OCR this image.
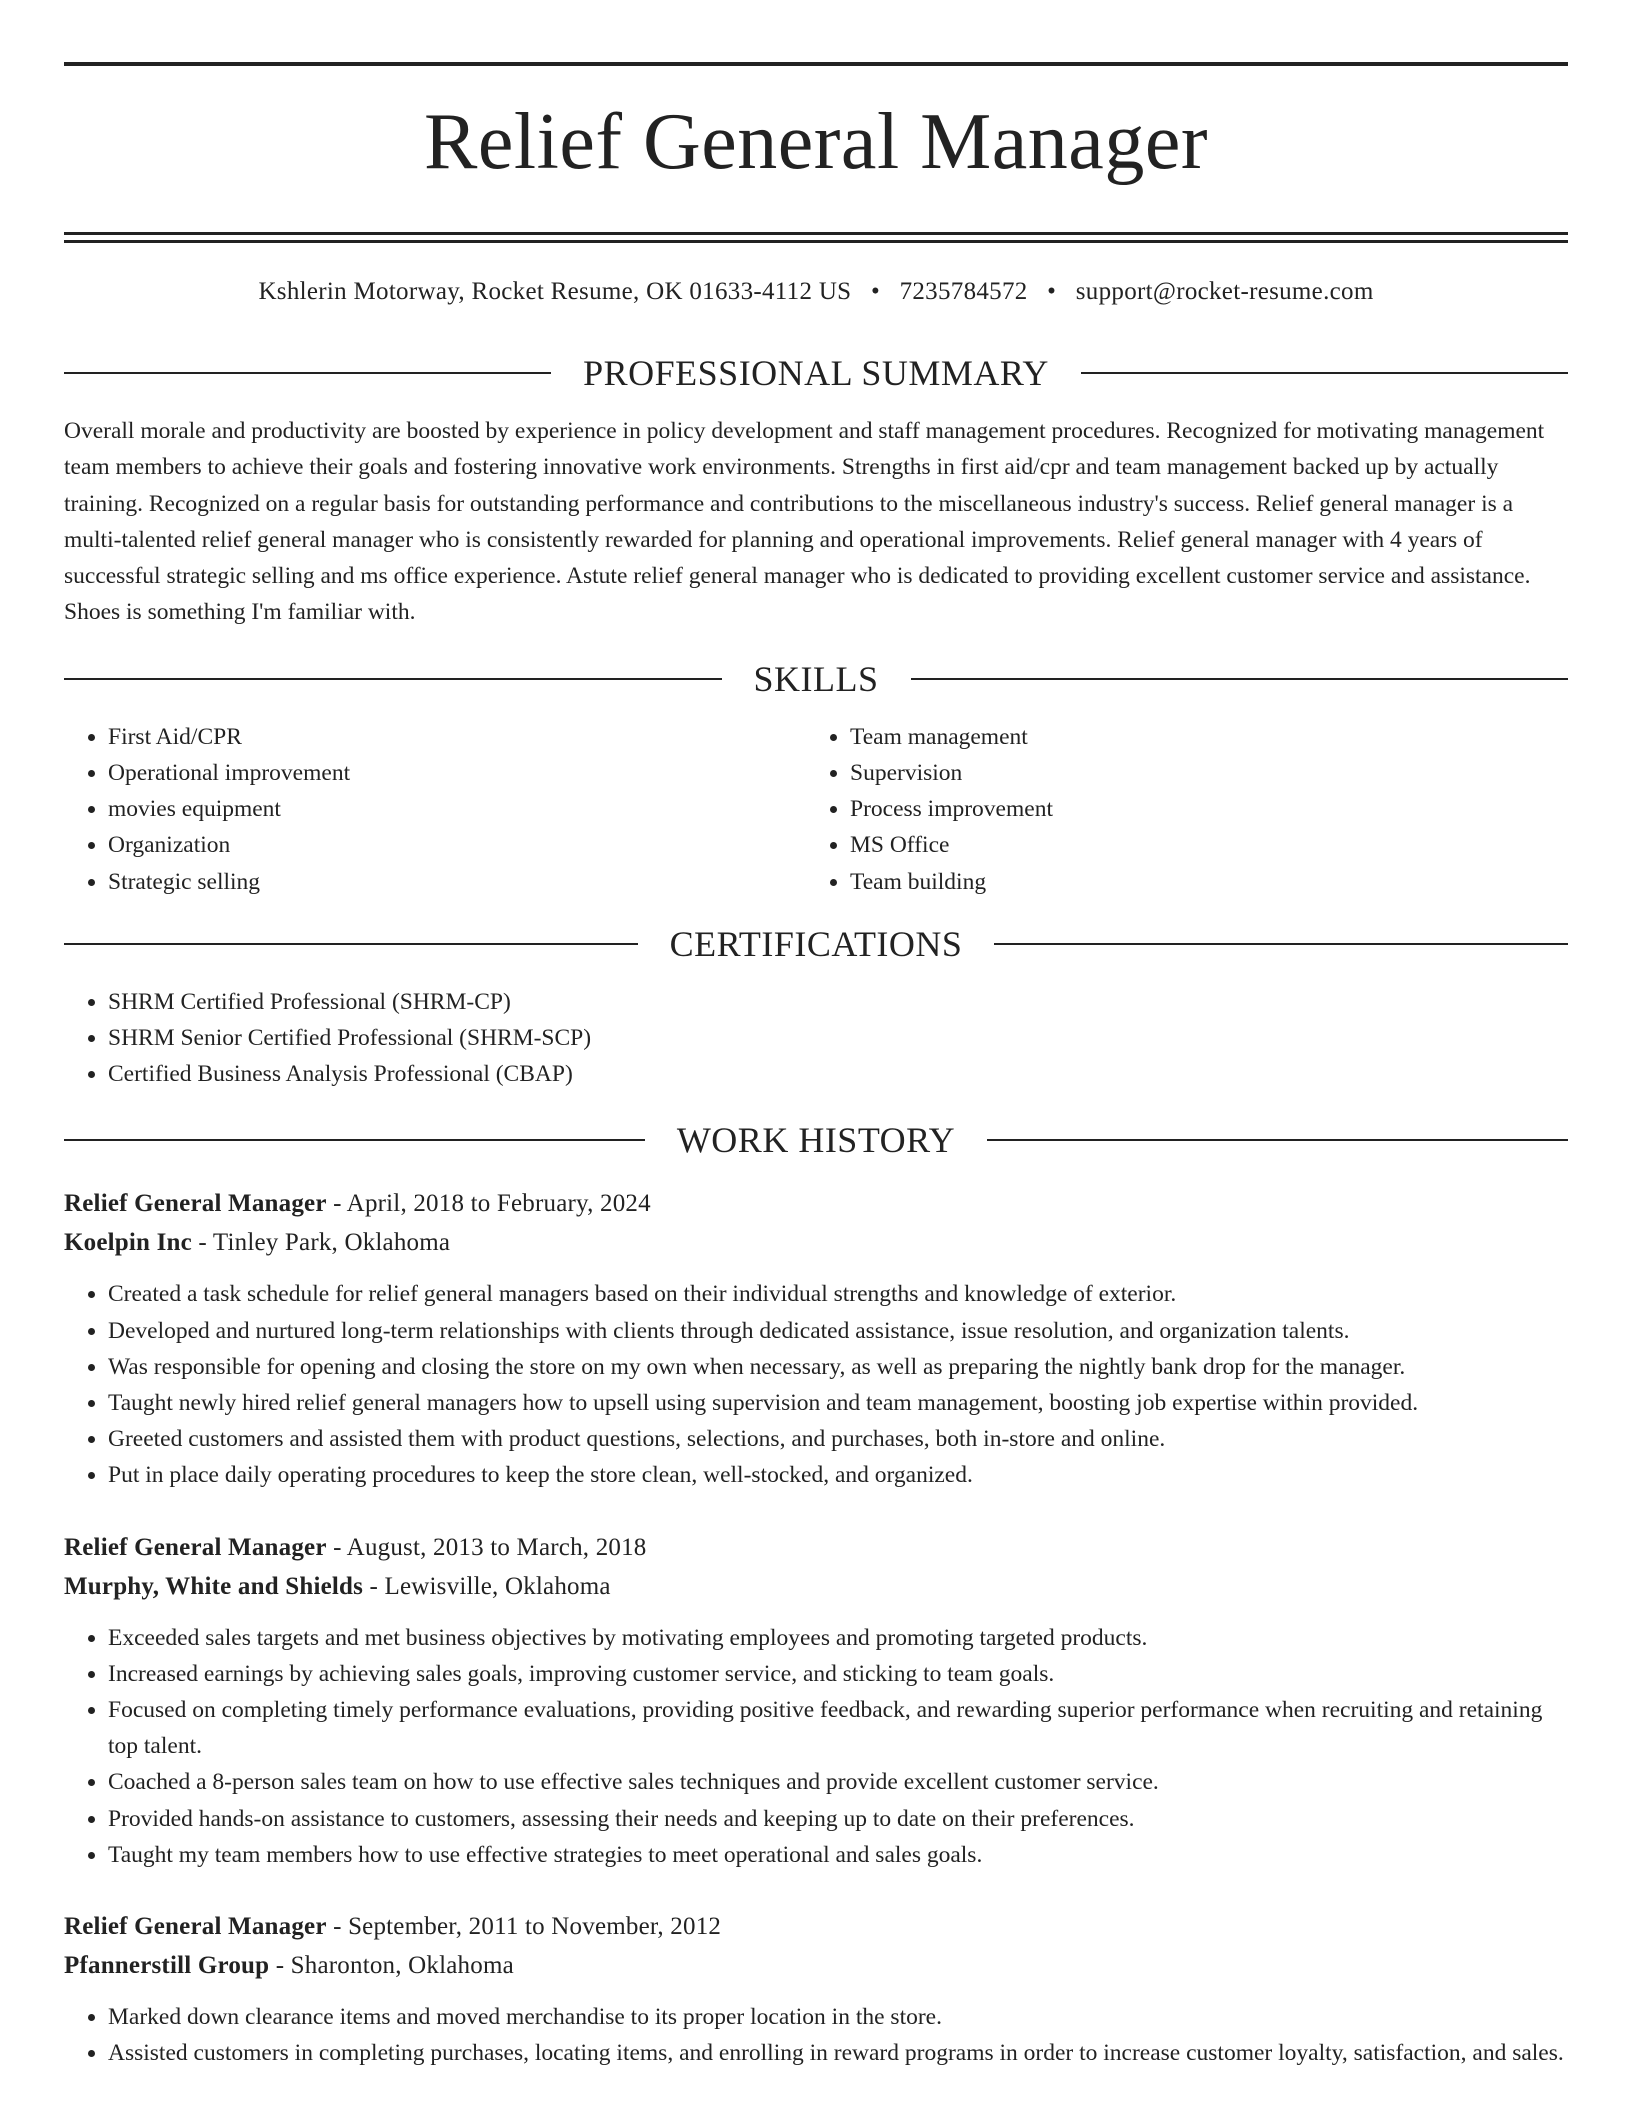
Relief General Manager
Kshlerin Motorway, Rocket Resume, OK 01633-4112 US • 7235784572 • support@rocket-resume.com
PROFESSIONAL SUMMARY
Overall morale and productivity are boosted by experience in policy development and staff management procedures. Recognized for motivating management team members to achieve their goals and fostering innovative work environments. Strengths in first aid/cpr and team management backed up by actually training. Recognized on a regular basis for outstanding performance and contributions to the miscellaneous industry's success. Relief general manager is a multi-talented relief general manager who is consistently rewarded for planning and operational improvements. Relief general manager with 4 years of successful strategic selling and ms office experience. Astute relief general manager who is dedicated to providing excellent customer service and assistance. Shoes is something I'm familiar with.
SKILLS
• First Aid/CPR
• Operational improvement
• movies equipment
• Organization
• Strategic selling
• Team management
• Supervision
• Process improvement
• MS Office
• Team building
CERTIFICATIONS
• SHRM Certified Professional (SHRM-CP)
• SHRM Senior Certified Professional (SHRM-SCP)
• Certified Business Analysis Professional (CBAP)
WORK HISTORY
Relief General Manager - April, 2018 to February, 2024
Koelpin Inc - Tinley Park, Oklahoma
• Created a task schedule for relief general managers based on their individual strengths and knowledge of exterior.
• Developed and nurtured long-term relationships with clients through dedicated assistance, issue resolution, and organization talents.
• Was responsible for opening and closing the store on my own when necessary, as well as preparing the nightly bank drop for the manager.
• Taught newly hired relief general managers how to upsell using supervision and team management, boosting job expertise within provided.
• Greeted customers and assisted them with product questions, selections, and purchases, both in-store and online.
• Put in place daily operating procedures to keep the store clean, well-stocked, and organized.
Relief General Manager - August, 2013 to March, 2018
Murphy, White and Shields - Lewisville, Oklahoma
• Exceeded sales targets and met business objectives by motivating employees and promoting targeted products.
• Increased earnings by achieving sales goals, improving customer service, and sticking to team goals.
• Focused on completing timely performance evaluations, providing positive feedback, and rewarding superior performance when recruiting and retaining top talent.
• Coached a 8-person sales team on how to use effective sales techniques and provide excellent customer service.
• Provided hands-on assistance to customers, assessing their needs and keeping up to date on their preferences.
• Taught my team members how to use effective strategies to meet operational and sales goals.
Relief General Manager - September, 2011 to November, 2012
Pfannerstill Group - Sharonton, Oklahoma
• Marked down clearance items and moved merchandise to its proper location in the store.
• Assisted customers in completing purchases, locating items, and enrolling in reward programs in order to increase customer loyalty, satisfaction, and sales.
